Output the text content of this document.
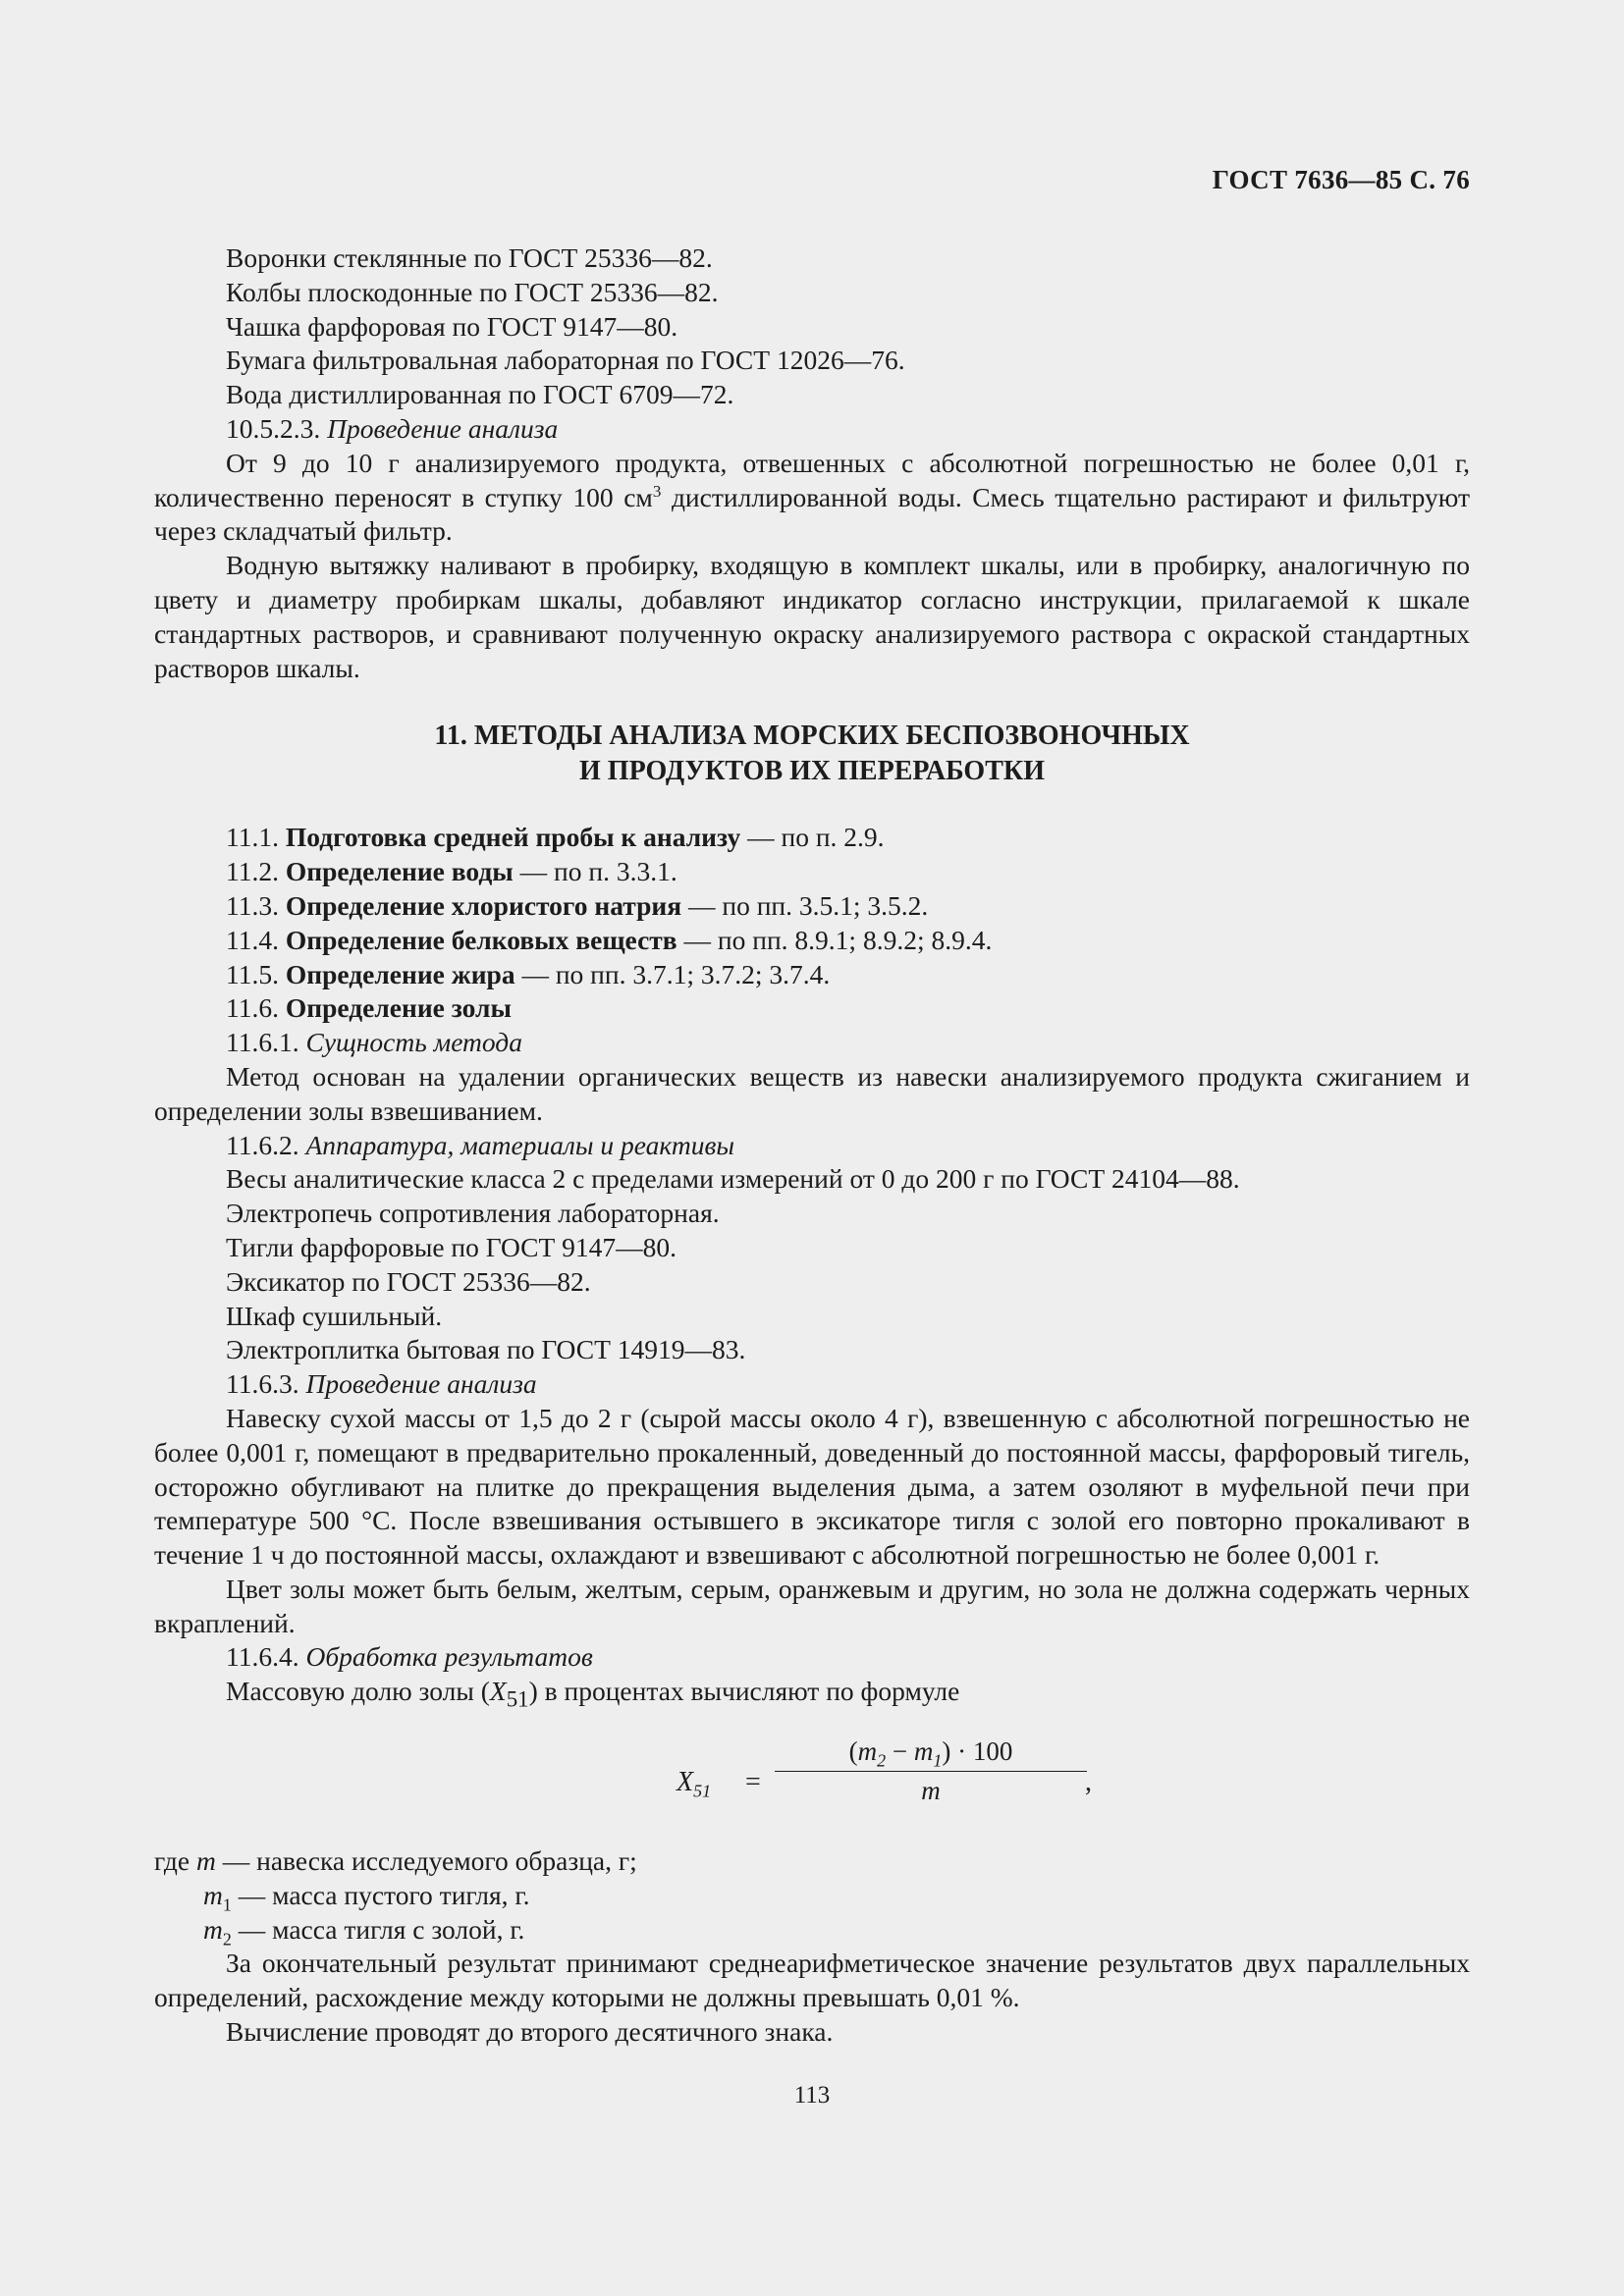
ГОСТ 7636—85 С. 76

Воронки стеклянные по ГОСТ 25336—82.

Колбы плоскодонные по ГОСТ 25336—82.

Чашка фарфоровая по ГОСТ 9147—80.

Бумага фильтровальная лабораторная по ГОСТ 12026—76.

Вода дистиллированная по ГОСТ 6709—72.

10.5.2.3. Проведение анализа

От 9 до 10 г анализируемого продукта, отвешенных с абсолютной погрешностью не более 0,01 г, количественно переносят в ступку 100 $см^3$ дистиллированной воды. Смесь тщательно растирают и фильтруют через складчатый фильтр.

Водную вытяжку наливают в пробирку, входящую в комплект шкалы, или в пробирку, аналогичную по цвету и диаметру пробиркам шкалы, добавляют индикатор согласно инструкции, прилагаемой к шкале стандартных растворов, и сравнивают полученную окраску анализируемого раствора с окраской стандартных растворов шкалы.

11. МЕТОДЫ АНАЛИЗА МОРСКИХ БЕСПОЗВОНОЧНЫХ
И ПРОДУКТОВ ИХ ПЕРЕРАБОТКИ

11.1. Подготовка средней пробы к анализу — по п. 2.9.

11.2. Определение воды — по п. 3.3.1.

11.3. Определение хлористого натрия — по пп. 3.5.1; 3.5.2.

11.4. Определение белковых веществ — по пп. 8.9.1; 8.9.2; 8.9.4.

11.5. Определение жира — по пп. 3.7.1; 3.7.2; 3.7.4.

11.6. Определение золы

11.6.1. Сущность метода

Метод основан на удалении органических веществ из навески анализируемого продукта сжиганием и определении золы взвешиванием.

11.6.2. Аппаратура, материалы и реактивы

Весы аналитические класса 2 с пределами измерений от 0 до 200 г по ГОСТ 24104—88.

Электропечь сопротивления лабораторная.

Тигли фарфоровые по ГОСТ 9147—80.

Эксикатор по ГОСТ 25336—82.

Шкаф сушильный.

Электроплитка бытовая по ГОСТ 14919—83.

11.6.3. Проведение анализа

Навеску сухой массы от 1,5 до 2 г (сырой массы около 4 г), взвешенную с абсолютной погрешностью не более 0,001 г, помещают в предварительно прокаленный, доведенный до постоянной массы, фарфоровый тигель, осторожно обугливают на плитке до прекращения выделения дыма, а затем озоляют в муфельной печи при температуре 500 °С. После взвешивания остывшего в эксикаторе тигля с золой его повторно прокаливают в течение 1 ч до постоянной массы, охлаждают и взвешивают с абсолютной погрешностью не более 0,001 г.

Цвет золы может быть белым, желтым, серым, оранжевым и другим, но зола не должна содержать черных вкраплений.

11.6.4. Обработка результатов

Массовую долю золы $(X_{51})$ в процентах вычисляют по формуле

$X_{51} = \frac{(m_2 - m_1) \cdot 100}{m}$
,
где m — навеска исследуемого образца, г;
$m_1$ — масса пустого тигля, г.
$m_2$ — масса тигля с золой, г.

За окончательный результат принимают среднеарифметическое значение результатов двух параллельных определений, расхождение между которыми не должны превышать 0,01 %.

Вычисление проводят до второго десятичного знака.

113
